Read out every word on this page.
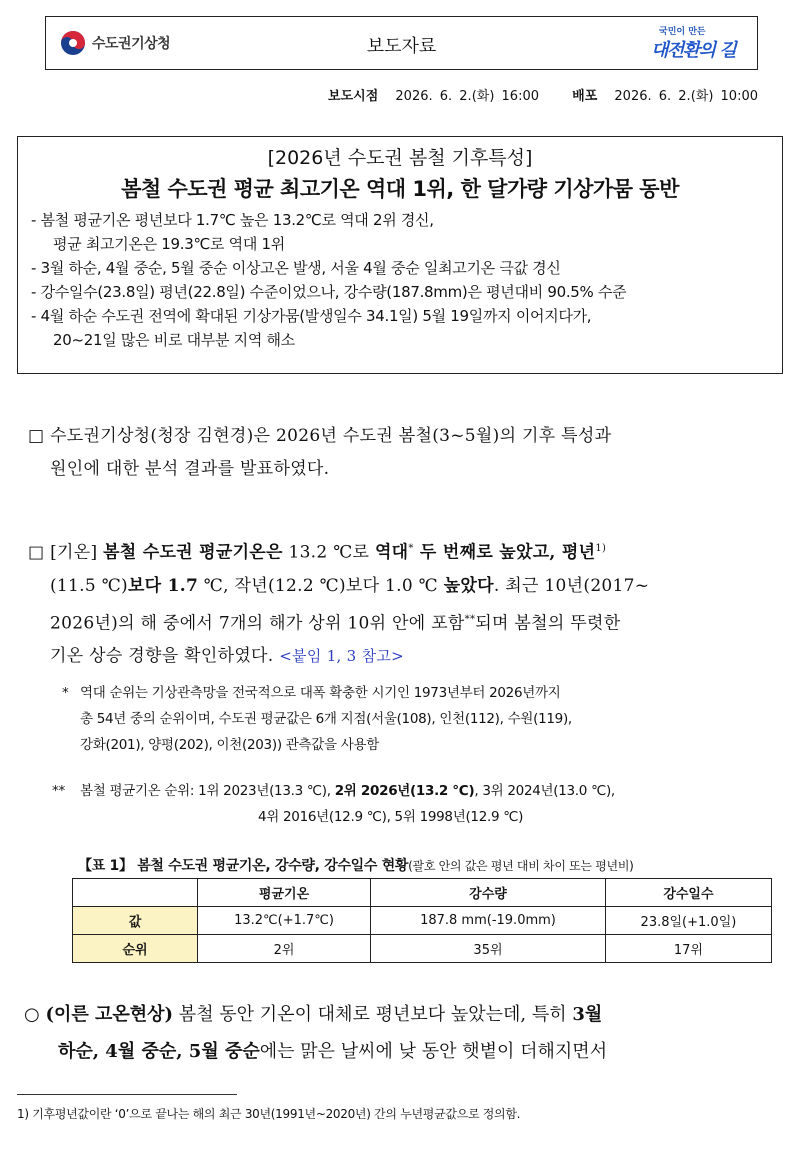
수도권기상청	보도자료
국민이 만든
대전환의 길
보도시점 2026. 6. 2.(화) 16:00	배포 2026. 6. 2.(화) 10:00
[2026년 수도권 봄철 기후특성]
봄철 수도권 평균 최고기온 역대 1위, 한 달가량 기상가뭄 동반
- 봄철 평균기온 평년보다 1.7℃ 높은 13.2℃로 역대 2위 경신,
평균 최고기온은 19.3℃로 역대 1위
- 3월 하순, 4월 중순, 5월 중순 이상고온 발생, 서울 4월 중순 일최고기온 극값 경신
- 강수일수(23.8일) 평년(22.8일) 수준이었으나, 강수량(187.8mm)은 평년대비 90.5% 수준
- 4월 하순 수도권 전역에 확대된 기상가뭄(발생일수 34.1일) 5월 19일까지 이어지다가,
20~21일 많은 비로 대부분 지역 해소
□ 수도권기상청(청장 김현경)은 2026년 수도권 봄철(3~5월)의 기후 특성과
원인에 대한 분석 결과를 발표하였다.
□ [기온] 봄철 수도권 평균기온은 13.2 ℃로 역대* 두 번째로 높았고, 평년$^{1)}$
(11.5 ℃)보다 1.7 ℃, 작년(12.2 ℃)보다 1.0 ℃ 높았다. 최근 10년(2017~
2026년)의 해 중에서 7개의 해가 상위 10위 안에 포함**되며 봄철의 뚜렷한
기온 상승 경향을 확인하였다. <붙임 1, 3 참고>
* 역대 순위는 기상관측망을 전국적으로 대폭 확충한 시기인 1973년부터 2026년까지
총 54년 중의 순위이며, 수도권 평균값은 6개 지점(서울(108), 인천(112), 수원(119),
강화(201), 양평(202), 이천(203)) 관측값을 사용함
** 봄철 평균기온 순위: 1위 2023년(13.3 ℃), 2위 2026년(13.2 ℃), 3위 2024년(13.0 ℃),
4위 2016년(12.9 ℃), 5위 1998년(12.9 ℃)
【표 1】 봄철 수도권 평균기온, 강수량, 강수일수 현황(괄호 안의 값은 평년 대비 차이 또는 평년비)
	평균기온	강수량	강수일수
값	13.2℃(+1.7℃)	187.8 mm(-19.0mm)	23.8일(+1.0일)
순위	2위	35위	17위
○ (이른 고온현상) 봄철 동안 기온이 대체로 평년보다 높았는데, 특히 3월
하순, 4월 중순, 5월 중순에는 맑은 날씨에 낮 동안 햇볕이 더해지면서
1) 기후평년값이란 ‘0’으로 끝나는 해의 최근 30년(1991년~2020년) 간의 누년평균값으로 정의함.
